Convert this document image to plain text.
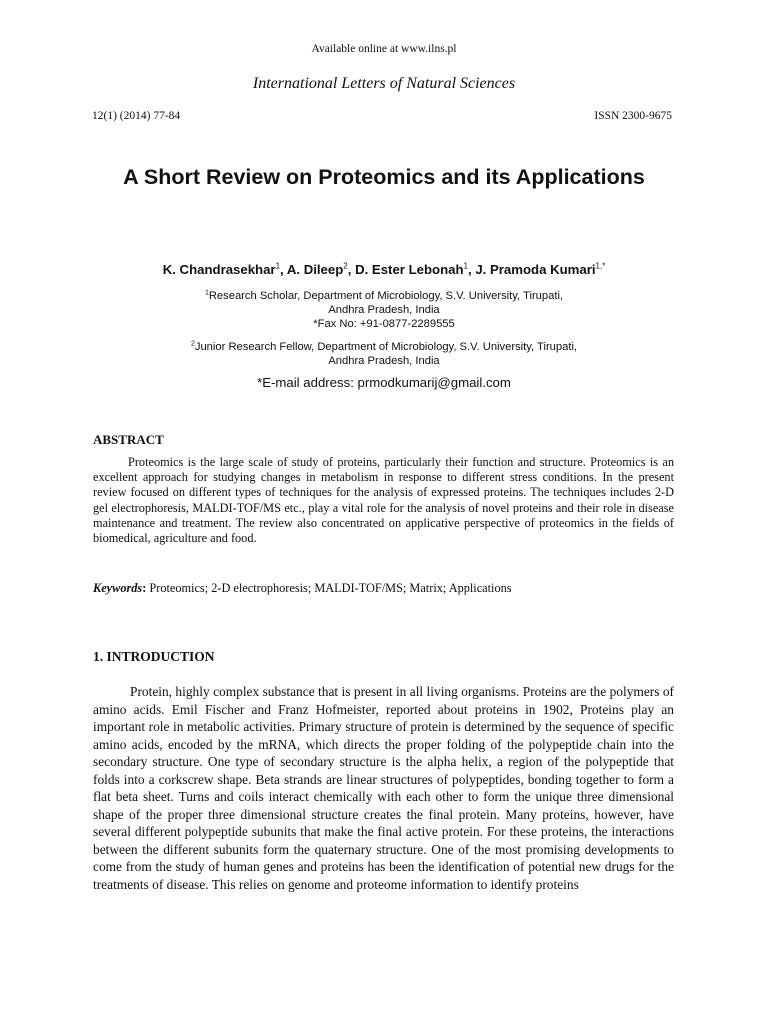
Available online at www.ilns.pl
International Letters of Natural Sciences
12(1) (2014) 77-84	ISSN 2300-9675
A Short Review on Proteomics and its Applications
K. Chandrasekhar$^1$, A. Dileep$^2$, D. Ester Lebonah$^1$, J. Pramoda Kumari$^{1,*}$
$^1$Research Scholar, Department of Microbiology, S.V. University, Tirupati,
Andhra Pradesh, India
*Fax No: +91-0877-2289555
$^2$Junior Research Fellow, Department of Microbiology, S.V. University, Tirupati,
Andhra Pradesh, India
*E-mail address: prmodkumarij@gmail.com
ABSTRACT

Proteomics is the large scale of study of proteins, particularly their function and structure. Proteomics is an excellent approach for studying changes in metabolism in response to different stress conditions. In the present review focused on different types of techniques for the analysis of expressed proteins. The techniques includes 2-D gel electrophoresis, MALDI-TOF/MS etc., play a vital role for the analysis of novel proteins and their role in disease maintenance and treatment. The review also concentrated on applicative perspective of proteomics in the fields of biomedical, agriculture and food.

Keywords: Proteomics; 2-D electrophoresis; MALDI-TOF/MS; Matrix; Applications
1. INTRODUCTION

Protein, highly complex substance that is present in all living organisms. Proteins are the polymers of amino acids. Emil Fischer and Franz Hofmeister, reported about proteins in 1902, Proteins play an important role in metabolic activities. Primary structure of protein is determined by the sequence of specific amino acids, encoded by the mRNA, which directs the proper folding of the polypeptide chain into the secondary structure. One type of secondary structure is the alpha helix, a region of the polypeptide that folds into a corkscrew shape. Beta strands are linear structures of polypeptides, bonding together to form a flat beta sheet. Turns and coils interact chemically with each other to form the unique three dimensional shape of the proper three dimensional structure creates the final protein. Many proteins, however, have several different polypeptide subunits that make the final active protein. For these proteins, the interactions between the different subunits form the quaternary structure. One of the most promising developments to come from the study of human genes and proteins has been the identification of potential new drugs for the treatments of disease. This relies on genome and proteome information to identify proteins
